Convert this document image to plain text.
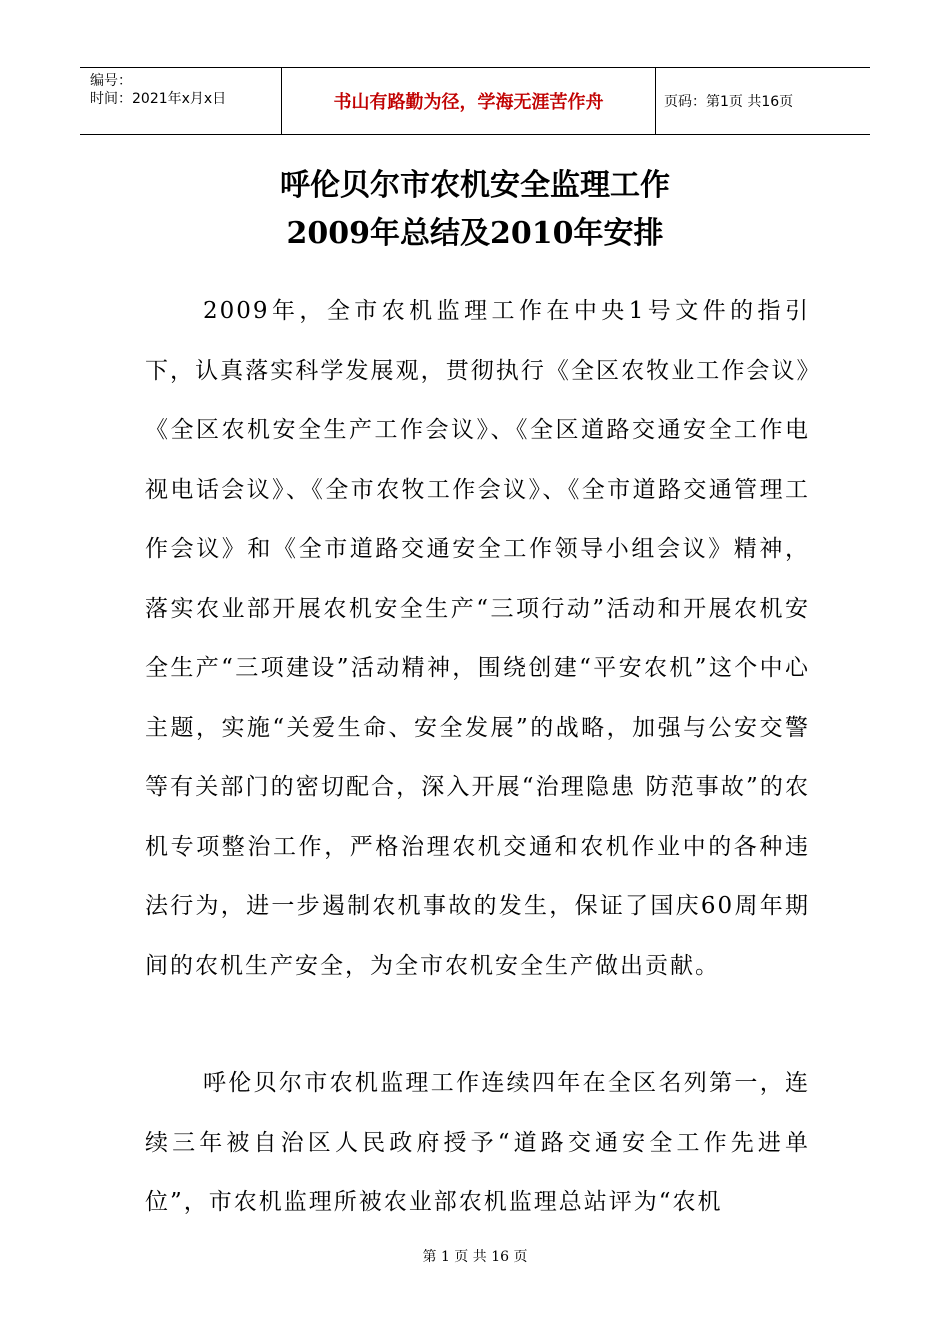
编号：
时间：2021年x月x日	书山有路勤为径，学海无涯苦作舟	页码：第1页 共16页
呼伦贝尔市农机安全监理工作
2009年总结及2010年安排
2009年，全市农机监理工作在中央1号文件的指引下，认真落实科学发展观，贯彻执行《全区农牧业工作会议》《全区农机安全生产工作会议》、《全区道路交通安全工作电视电话会议》、《全市农牧工作会议》、《全市道路交通管理工作会议》和《全市道路交通安全工作领导小组会议》精神，落实农业部开展农机安全生产“三项行动”活动和开展农机安全生产“三项建设”活动精神，围绕创建“平安农机”这个中心主题，实施“关爱生命、安全发展”的战略，加强与公安交警等有关部门的密切配合，深入开展“治理隐患 防范事故”的农机专项整治工作，严格治理农机交通和农机作业中的各种违法行为，进一步遏制农机事故的发生，保证了国庆60周年期间的农机生产安全，为全市农机安全生产做出贡献。
呼伦贝尔市农机监理工作连续四年在全区名列第一，连续三年被自治区人民政府授予“道路交通安全工作先进单位”，市农机监理所被农业部农机监理总站评为“农机
第 1 页 共 16 页
